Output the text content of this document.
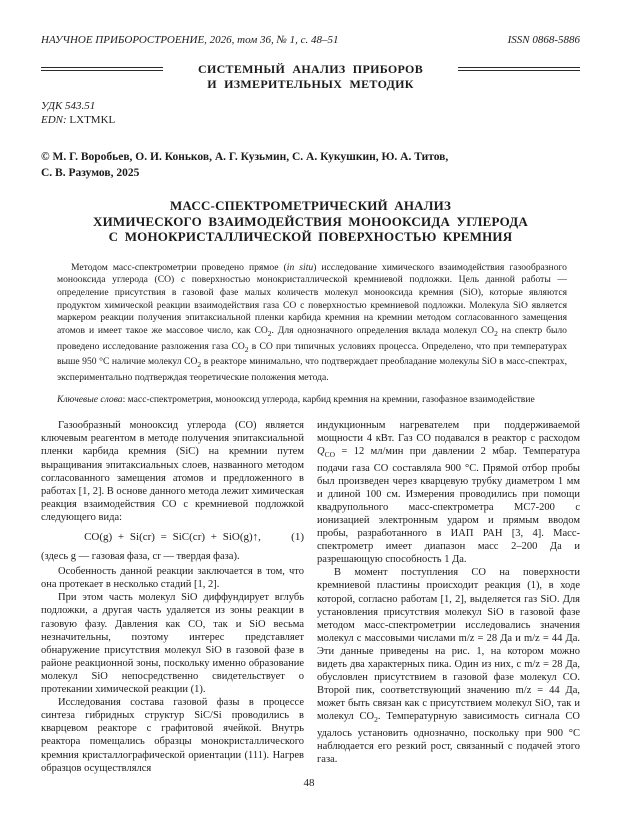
НАУЧНОЕ ПРИБОРОСТРОЕНИЕ, 2026, том 36, № 1, с. 48–51	ISSN 0868-5886
СИСТЕМНЫЙ АНАЛИЗ ПРИБОРОВ
И ИЗМЕРИТЕЛЬНЫХ МЕТОДИК
УДК 543.51
EDN: LXTMKL
© М. Г. Воробьев, О. И. Коньков, А. Г. Кузьмин, С. А. Кукушкин, Ю. А. Титов,
С. В. Разумов, 2025
МАСС-СПЕКТРОМЕТРИЧЕСКИЙ АНАЛИЗ
ХИМИЧЕСКОГО ВЗАИМОДЕЙСТВИЯ МОНООКСИДА УГЛЕРОДА
С МОНОКРИСТАЛЛИЧЕСКОЙ ПОВЕРХНОСТЬЮ КРЕМНИЯ
Методом масс-спектрометрии проведено прямое (in situ) исследование химического взаимодействия газообразного монооксида углерода (CO) с поверхностью монокристаллической кремниевой подложки. Цель данной работы — определение присутствия в газовой фазе малых количеств молекул монооксида кремния (SiO), которые являются продуктом химической реакции взаимодействия газа CO с поверхностью кремниевой подложки. Молекула SiO является маркером реакции получения эпитаксиальной пленки карбида кремния на кремнии методом согласованного замещения атомов и имеет такое же массовое число, как $CO_2$. Для однозначного определения вклада молекул $CO_2$ на спектр было проведено исследование разложения газа $CO_2$ в CO при типичных условиях процесса. Определено, что при температурах выше 950 °C наличие молекул $CO_2$ в реакторе минимально, что подтверждает преобладание молекулы SiO в масс-спектрах, экспериментально подтверждая теоретические положения метода.
Ключевые слова: масс-спектрометрия, монооксид углерода, карбид кремния на кремнии, газофазное взаимодействие
Газообразный монооксид углерода (CO) является ключевым реагентом в методе получения эпитаксиальной пленки карбида кремния (SiC) на кремнии путем выращивания эпитаксиальных слоев, названного методом согласованного замещения атомов и предложенного в работах [1, 2]. В основе данного метода лежит химическая реакция взаимодействия CO с кремниевой подложкой следующего вида:
CO(g) + Si(cr) = SiC(cr) + SiO(g)↑,	(1)
(здесь g — газовая фаза, cr — твердая фаза).
Особенность данной реакции заключается в том, что она протекает в несколько стадий [1, 2].
При этом часть молекул SiO диффундирует вглубь подложки, а другая часть удаляется из зоны реакции в газовую фазу. Давления как CO, так и SiO весьма незначительны, поэтому интерес представляет обнаружение присутствия молекул SiO в газовой фазе в районе реакционной зоны, поскольку именно образование молекул SiO непосредственно свидетельствует о протекании химической реакции (1).
Исследования состава газовой фазы в процессе синтеза гибридных структур SiC/Si проводились в кварцевом реакторе с графитовой ячейкой. Внутрь реактора помещались образцы монокристаллического кремния кристаллографической ориентации (111). Нагрев образцов осуществлялся
индукционным нагревателем при поддерживаемой мощности 4 кВт. Газ CO подавался в реактор с расходом $Q_{CO} = 12$ мл/мин при давлении 2 мбар. Температура подачи газа CO составляла 900 °C. Прямой отбор пробы был произведен через кварцевую трубку диаметром 1 мм и длиной 100 см. Измерения проводились при помощи квадрупольного масс-спектрометра МС7-200 с ионизацией электронным ударом и прямым вводом пробы, разработанного в ИАП РАН [3, 4]. Масс-спектрометр имеет диапазон масс 2–200 Да и разрешающую способность 1 Да.
В момент поступления CO на поверхности кремниевой пластины происходит реакция (1), в ходе которой, согласно работам [1, 2], выделяется газ SiO. Для установления присутствия молекул SiO в газовой фазе методом масс-спектрометрии исследовались значения молекул с массовыми числами m/z = 28 Да и m/z = 44 Да. Эти данные приведены на рис. 1, на котором можно видеть два характерных пика. Один из них, с m/z = 28 Да, обусловлен присутствием в газовой фазе молекул CO. Второй пик, соответствующий значению m/z = 44 Да, может быть связан как с присутствием молекул SiO, так и молекул $CO_2$. Температурную зависимость сигнала CO удалось установить однозначно, поскольку при 900 °C наблюдается его резкий рост, связанный с подачей этого газа.
48
